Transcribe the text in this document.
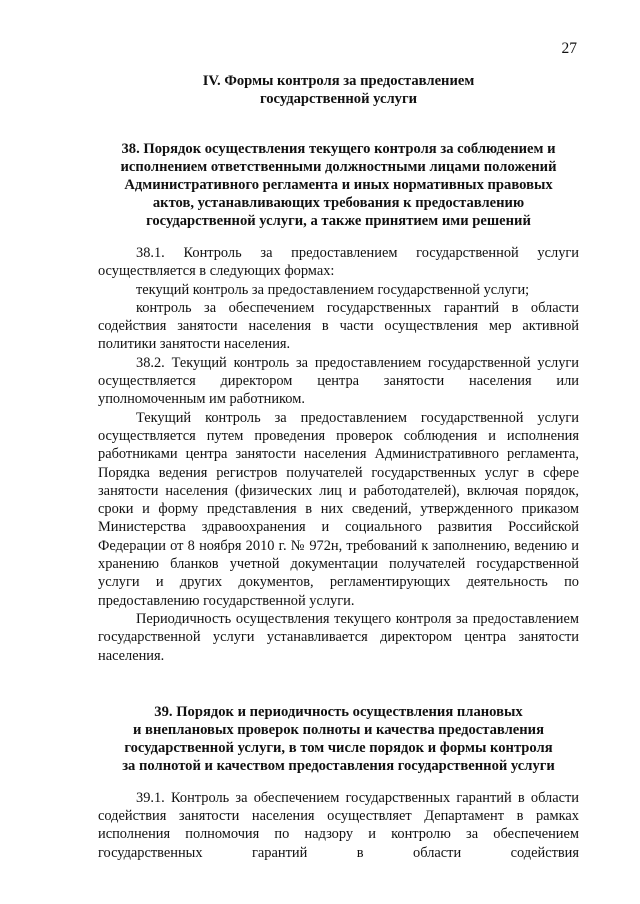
27
IV. Формы контроля за предоставлением
государственной услуги
38. Порядок осуществления текущего контроля за соблюдением и
исполнением ответственными должностными лицами положений
Административного регламента и иных нормативных правовых
актов, устанавливающих требования к предоставлению
государственной услуги, а также принятием ими решений

38.1. Контроль за предоставлением государственной услуги осуществляется в следующих формах:

текущий контроль за предоставлением государственной услуги;

контроль за обеспечением государственных гарантий в области содействия занятости населения в части осуществления мер активной политики занятости населения.

38.2. Текущий контроль за предоставлением государственной услуги осуществляется директором центра занятости населения или уполномоченным им работником.

Текущий контроль за предоставлением государственной услуги осуществляется путем проведения проверок соблюдения и исполнения работниками центра занятости населения Административного регламента, Порядка ведения регистров получателей государственных услуг в сфере занятости населения (физических лиц и работодателей), включая порядок, сроки и форму представления в них сведений, утвержденного приказом Министерства здравоохранения и социального развития Российской Федерации от 8 ноября 2010 г. № 972н, требований к заполнению, ведению и хранению бланков учетной документации получателей государственной услуги и других документов, регламентирующих деятельность по предоставлению государственной услуги.

Периодичность осуществления текущего контроля за предоставлением государственной услуги устанавливается директором центра занятости населения.

39. Порядок и периодичность осуществления плановых
и внеплановых проверок полноты и качества предоставления
государственной услуги, в том числе порядок и формы контроля
за полнотой и качеством предоставления государственной услуги

39.1. Контроль за обеспечением государственных гарантий в области содействия занятости населения осуществляет Департамент в рамках исполнения полномочия по надзору и контролю за обеспечением государственных гарантий в области содействия
